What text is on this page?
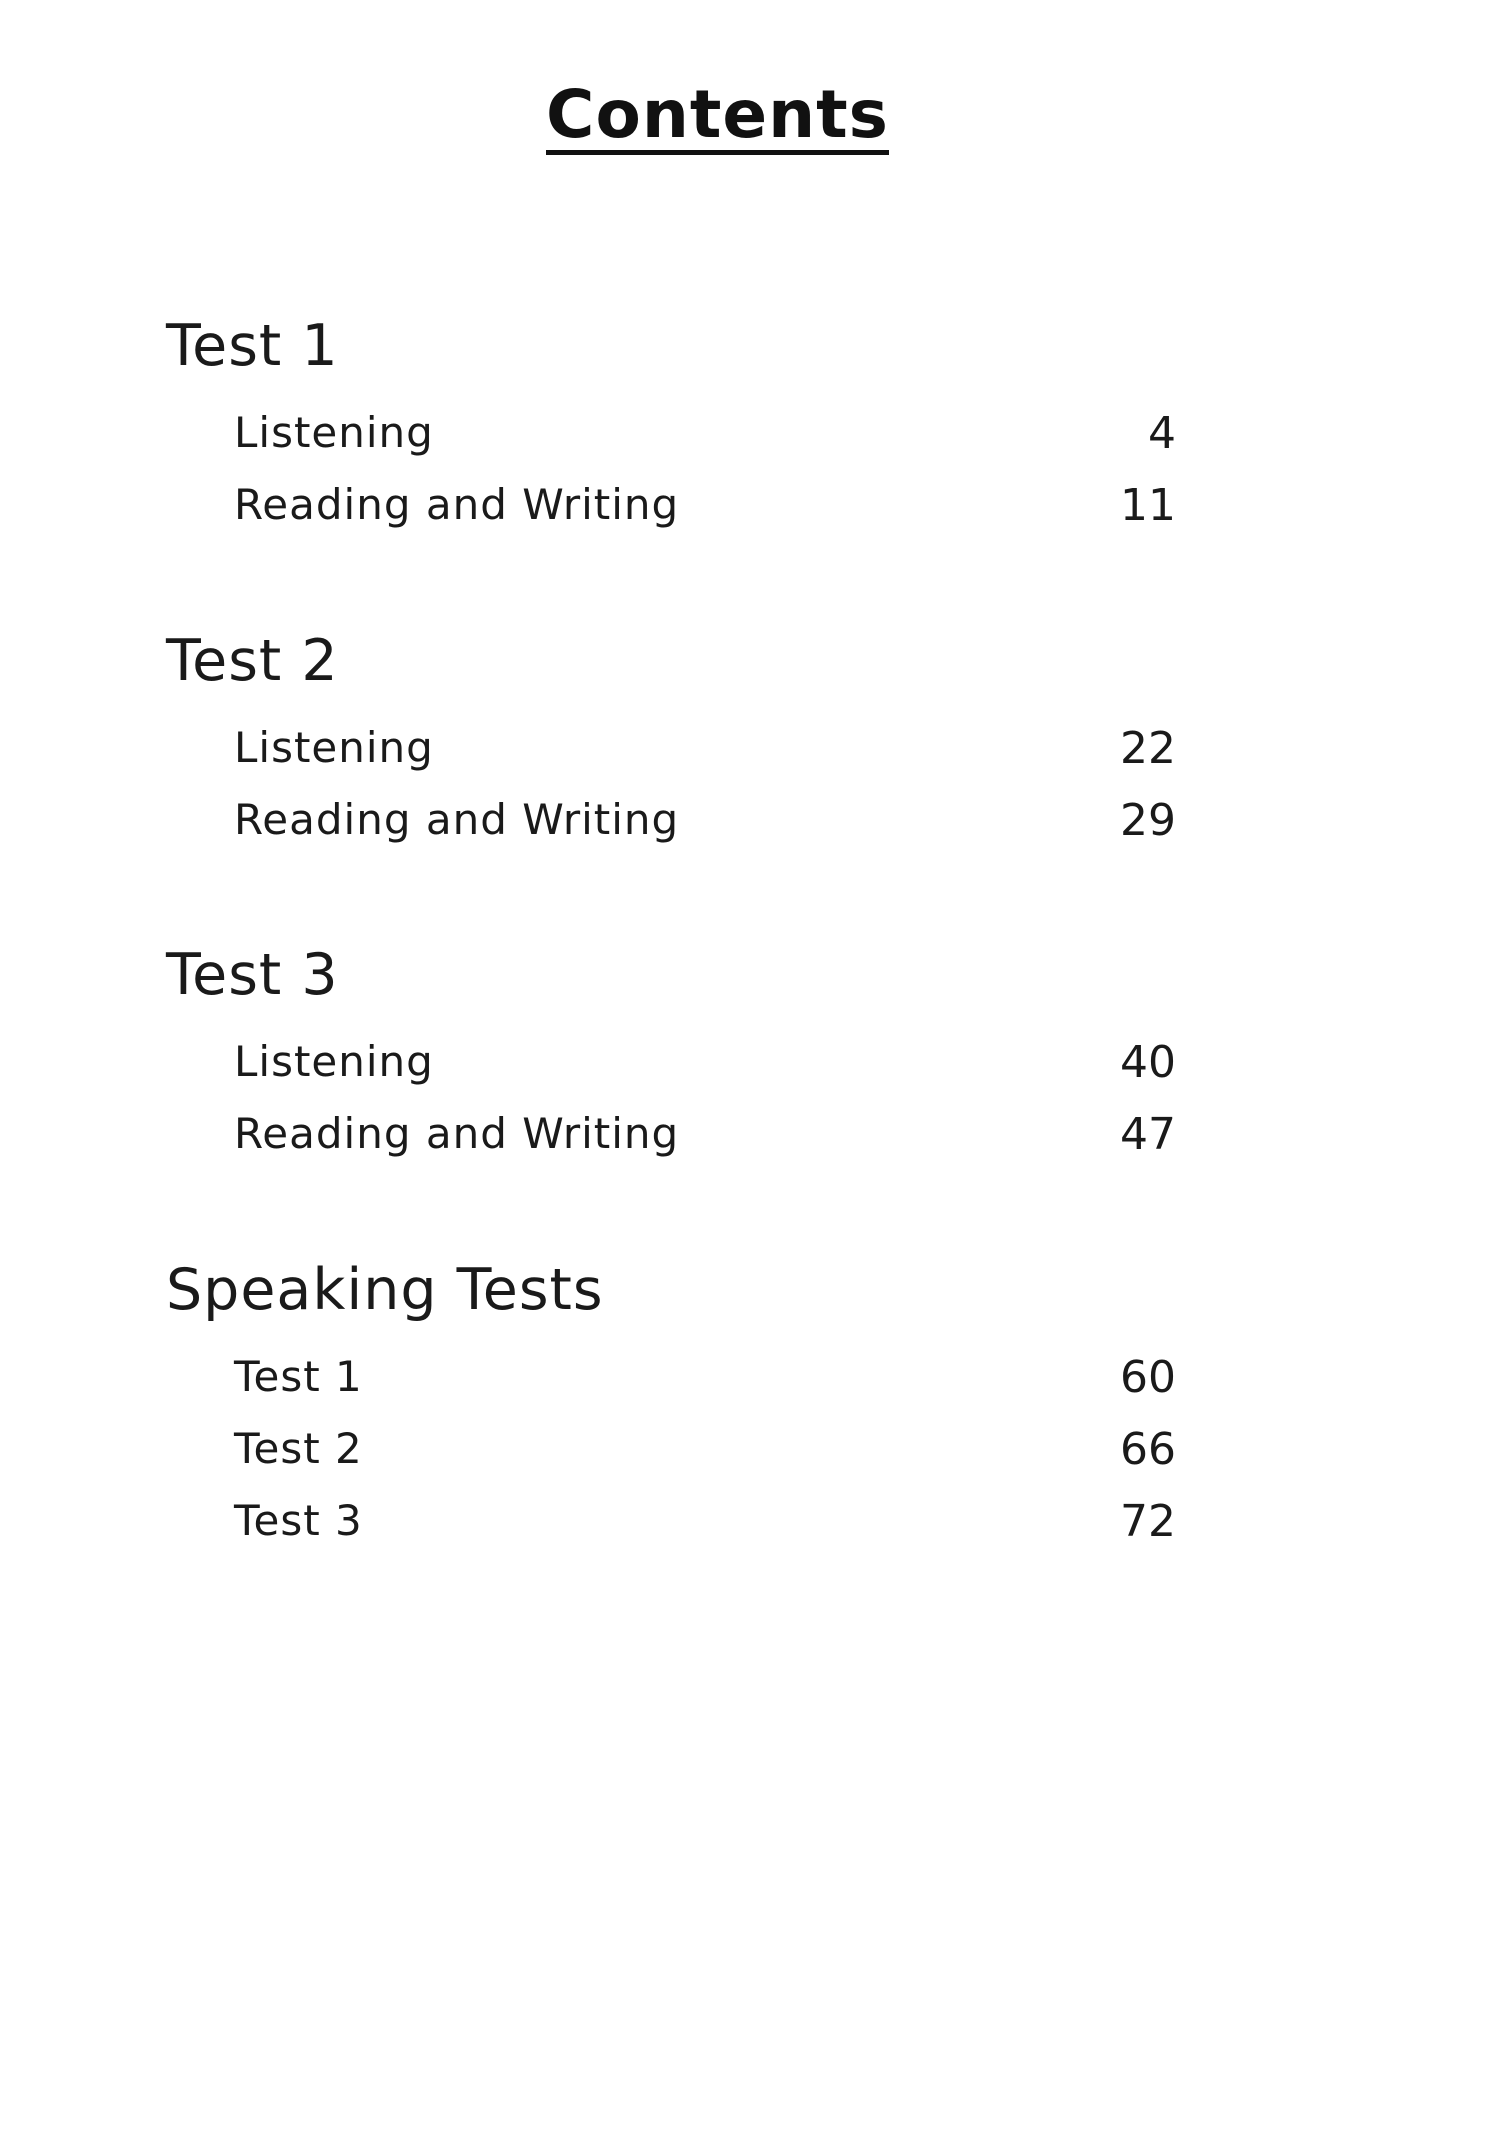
Contents
Test 1
Listening	4
Reading and Writing	11
Test 2
Listening	22
Reading and Writing	29
Test 3
Listening	40
Reading and Writing	47
Speaking Tests
Test 1	60
Test 2	66
Test 3	72
